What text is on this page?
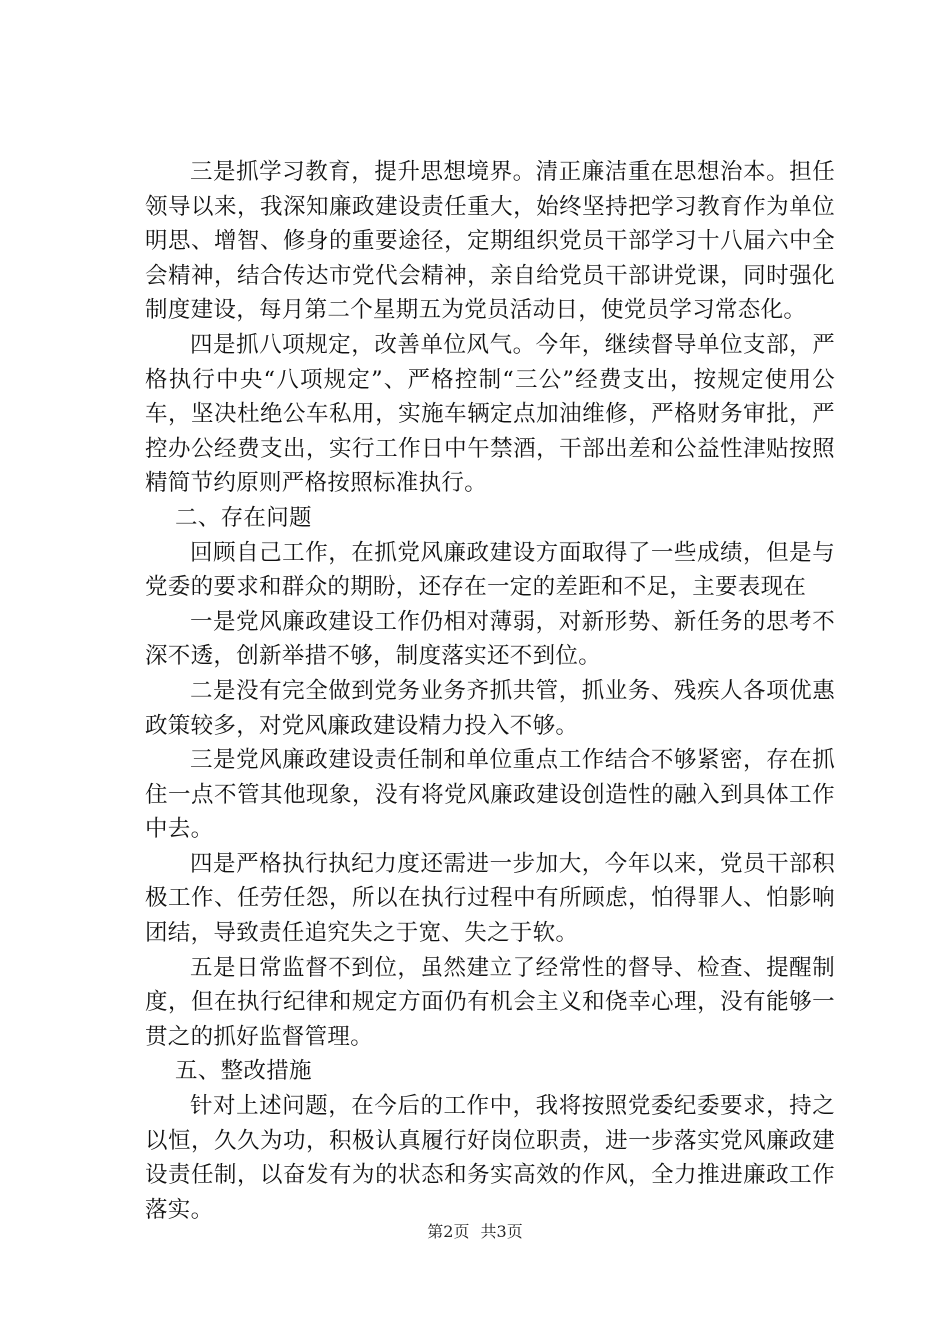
三是抓学习教育，提升思想境界。清正廉洁重在思想治本。担任领导以来，我深知廉政建设责任重大，始终坚持把学习教育作为单位明思、增智、修身的重要途径，定期组织党员干部学习十八届六中全会精神，结合传达市党代会精神，亲自给党员干部讲党课，同时强化制度建设，每月第二个星期五为党员活动日，使党员学习常态化。

四是抓八项规定，改善单位风气。今年，继续督导单位支部，严格执行中央“八项规定”、严格控制“三公”经费支出，按规定使用公车，坚决杜绝公车私用，实施车辆定点加油维修，严格财务审批，严控办公经费支出，实行工作日中午禁酒，干部出差和公益性津贴按照精简节约原则严格按照标准执行。

二、存在问题

回顾自己工作，在抓党风廉政建设方面取得了一些成绩，但是与党委的要求和群众的期盼，还存在一定的差距和不足，主要表现在

一是党风廉政建设工作仍相对薄弱，对新形势、新任务的思考不深不透，创新举措不够，制度落实还不到位。

二是没有完全做到党务业务齐抓共管，抓业务、残疾人各项优惠政策较多，对党风廉政建设精力投入不够。

三是党风廉政建设责任制和单位重点工作结合不够紧密，存在抓住一点不管其他现象，没有将党风廉政建设创造性的融入到具体工作中去。

四是严格执行执纪力度还需进一步加大，今年以来，党员干部积极工作、任劳任怨，所以在执行过程中有所顾虑，怕得罪人、怕影响团结，导致责任追究失之于宽、失之于软。

五是日常监督不到位，虽然建立了经常性的督导、检查、提醒制度，但在执行纪律和规定方面仍有机会主义和侥幸心理，没有能够一贯之的抓好监督管理。

五、整改措施

针对上述问题，在今后的工作中，我将按照党委纪委要求，持之以恒，久久为功，积极认真履行好岗位职责，进一步落实党风廉政建设责任制，以奋发有为的状态和务实高效的作风，全力推进廉政工作落实。

第2页 共3页
